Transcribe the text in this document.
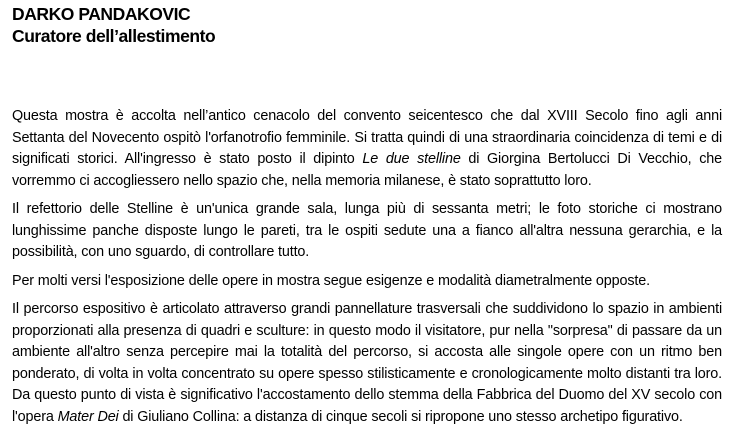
DARKO PANDAKOVIC
Curatore dell’allestimento

Questa mostra è accolta nell’antico cenacolo del convento seicentesco che dal XVIII Secolo fino agli anni Settanta del Novecento ospitò l'orfanotrofio femminile. Si tratta quindi di una straordinaria coincidenza di temi e di significati storici. All'ingresso è stato posto il dipinto Le due stelline di Giorgina Bertolucci Di Vecchio, che vorremmo ci accogliessero nello spazio che, nella memoria milanese, è stato soprattutto loro.

Il refettorio delle Stelline è un'unica grande sala, lunga più di sessanta metri; le foto storiche ci mostrano lunghissime panche disposte lungo le pareti, tra le ospiti sedute una a fianco all'altra nessuna gerarchia, e la possibilità, con uno sguardo, di controllare tutto.

Per molti versi l'esposizione delle opere in mostra segue esigenze e modalità diametralmente opposte.

Il percorso espositivo è articolato attraverso grandi pannellature trasversali che suddividono lo spazio in ambienti proporzionati alla presenza di quadri e sculture: in questo modo il visitatore, pur nella "sorpresa" di passare da un ambiente all'altro senza percepire mai la totalità del percorso, si accosta alle singole opere con un ritmo ben ponderato, di volta in volta concentrato su opere spesso stilisticamente e cronologicamente molto distanti tra loro. Da questo punto di vista è significativo l'accostamento dello stemma della Fabbrica del Duomo del XV secolo con l'opera Mater Dei di Giuliano Collina: a distanza di cinque secoli si ripropone uno stesso archetipo figurativo.
